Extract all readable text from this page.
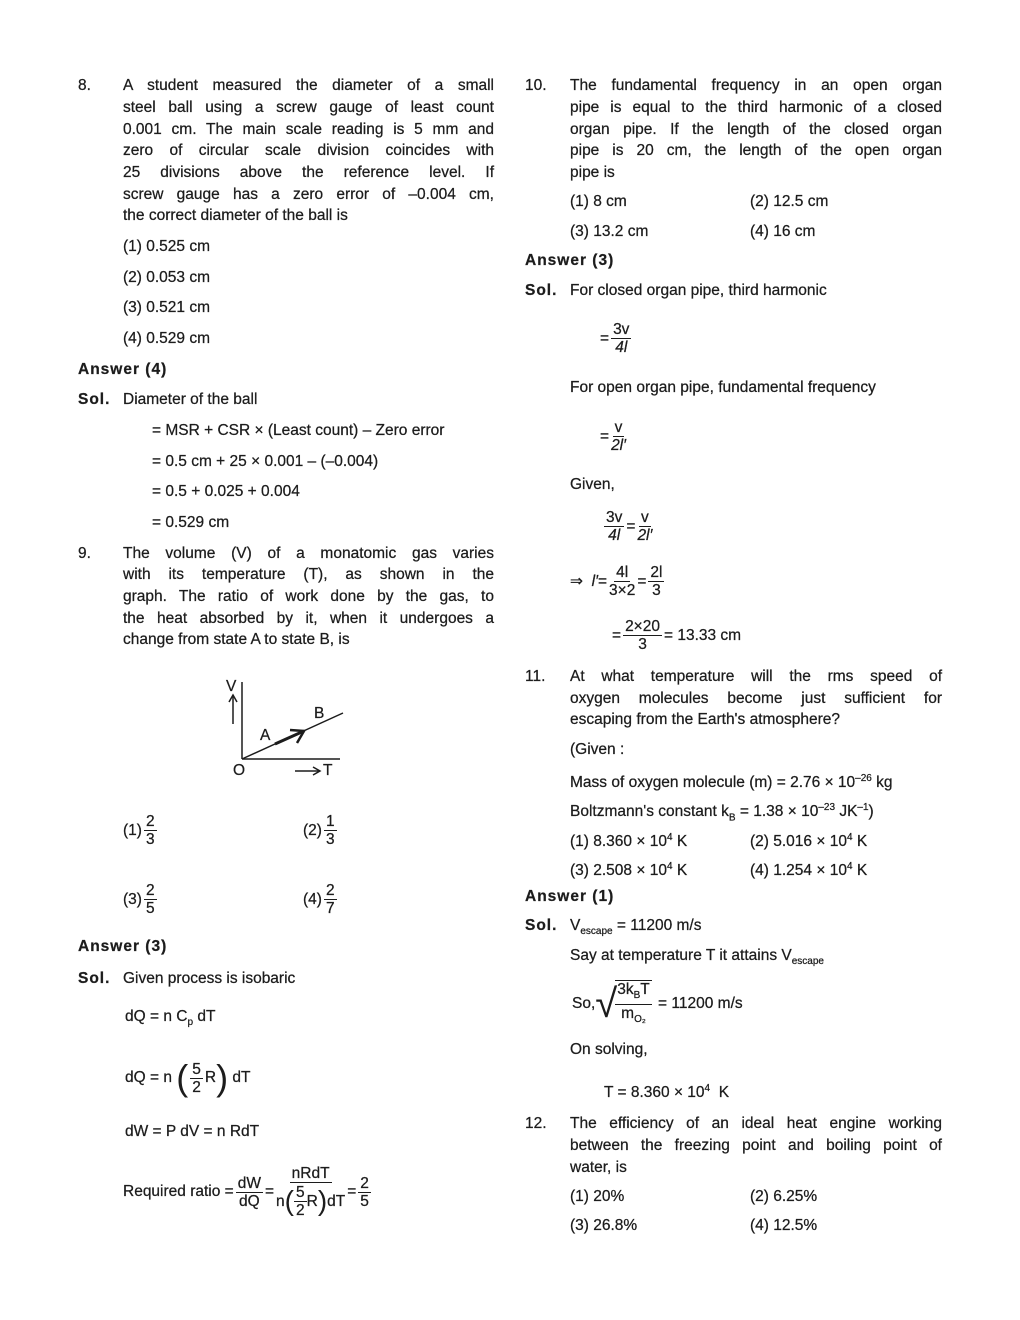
8. A student measured the diameter of a small
steel ball using a screw gauge of least count
0.001 cm. The main scale reading is 5 mm and
zero of circular scale division coincides with
25 divisions above the reference level. If
screw gauge has a zero error of –0.004 cm,
the correct diameter of the ball is
(1) 0.525 cm
(2) 0.053 cm
(3) 0.521 cm
(4) 0.529 cm
Answer (4)
Sol. Diameter of the ball
= MSR + CSR × (Least count) – Zero error
= 0.5 cm + 25 × 0.001 – (–0.004)
= 0.5 + 0.025 + 0.004
= 0.529 cm
9. The volume (V) of a monatomic gas varies
with its temperature (T), as shown in the
graph. The ratio of work done by the gas, to
the heat absorbed by it, when it undergoes a
change from state A to state B, is
V
O	T
A
B
$(1) \frac{2}{3}$	$(2) \frac{1}{3}$
$(3) \frac{2}{5}$	$(4) \frac{2}{7}$
Answer (3)
Sol. Given process is isobaric
dQ = n $C_p$ dT
dQ = n
( $\frac{5}{2}$ R )
dT
dW = P dV = n RdT
Required ratio = $\frac{dW}{dQ} = \frac{\text{nRdT}}{n ( \frac{5}{2} R ) dT} = \frac{2}{5}$
10. The fundamental frequency in an open organ
pipe is equal to the third harmonic of a closed
organ pipe. If the length of the closed organ
pipe is 20 cm, the length of the open organ
pipe is
(1) 8 cm	(2) 12.5 cm
(3) 13.2 cm	(4) 16 cm
Answer (3)
Sol. For closed organ pipe, third harmonic
= $\frac{3v}{4l}$
For open organ pipe, fundamental frequency
= $\frac{v}{2l'}$
Given,
$\frac{3v}{4l} = \frac{v}{2l'}$
⇒
$l' = \frac{4l}{3\times 2} = \frac{2l}{3}$
= $\frac{2\times 20}{3} = 13.33$ cm
11. At what temperature will the rms speed of
oxygen molecules become just sufficient for
escaping from the Earth's atmosphere?
(Given :
Mass of oxygen molecule $(m) = 2.76 \times 10^{-26}$ kg
Boltzmann's constant $k_B = 1.38 \times 10^{-23}$ $JK^{-1}$)
(1) $8.360 \times 10^4$ K	(2) $5.016 \times 10^4$ K
(3) $2.508 \times 10^4$ K	(4) $1.254 \times 10^4$ K
Answer (1)
Sol. $V_{escape} = 11200$ m/s
Say at temperature T it attains $V_{escape}$
So, √
$\frac{3k_BT}{m_{O_2}}$
= 11200 m/s
On solving,
$T = 8.360 \times 10^4$  K
12. The efficiency of an ideal heat engine working
between the freezing point and boiling point of
water, is
(1) 20%	(2) 6.25%
(3) 26.8%	(4) 12.5%
